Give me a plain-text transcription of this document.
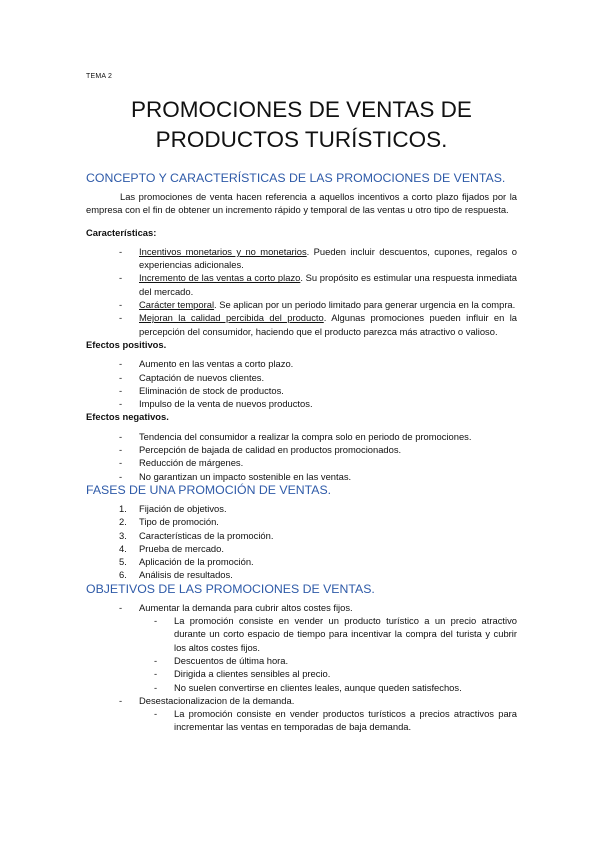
TEMA 2
PROMOCIONES DE VENTAS DE
PRODUCTOS TURÍSTICOS.
CONCEPTO Y CARACTERÍSTICAS DE LAS PROMOCIONES DE VENTAS.

Las promociones de venta hacen referencia a aquellos incentivos a corto plazo fijados por la empresa con el fin de obtener un incremento rápido y temporal de las ventas u otro tipo de respuesta.

Características:
- Incentivos monetarios y no monetarios. Pueden incluir descuentos, cupones, regalos o experiencias adicionales.
- Incremento de las ventas a corto plazo. Su propósito es estimular una respuesta inmediata del mercado.
- Carácter temporal. Se aplican por un periodo limitado para generar urgencia en la compra.
- Mejoran la calidad percibida del producto. Algunas promociones pueden influir en la percepción del consumidor, haciendo que el producto parezca más atractivo o valioso.
Efectos positivos.
- Aumento en las ventas a corto plazo.
- Captación de nuevos clientes.
- Eliminación de stock de productos.
- Impulso de la venta de nuevos productos.
Efectos negativos.
- Tendencia del consumidor a realizar la compra solo en periodo de promociones.
- Percepción de bajada de calidad en productos promocionados.
- Reducción de márgenes.
- No garantizan un impacto sostenible en las ventas.
FASES DE UNA PROMOCIÓN DE VENTAS.
1. Fijación de objetivos.
2. Tipo de promoción.
3. Características de la promoción.
4. Prueba de mercado.
5. Aplicación de la promoción.
6. Análisis de resultados.
OBJETIVOS DE LAS PROMOCIONES DE VENTAS.
- Aumentar la demanda para cubrir altos costes fijos.
- La promoción consiste en vender un producto turístico a un precio atractivo durante un corto espacio de tiempo para incentivar la compra del turista y cubrir los altos costes fijos.
- Descuentos de última hora.
- Dirigida a clientes sensibles al precio.
- No suelen convertirse en clientes leales, aunque queden satisfechos.
- Desestacionalizacion de la demanda.
- La promoción consiste en vender productos turísticos a precios atractivos para incrementar las ventas en temporadas de baja demanda.
